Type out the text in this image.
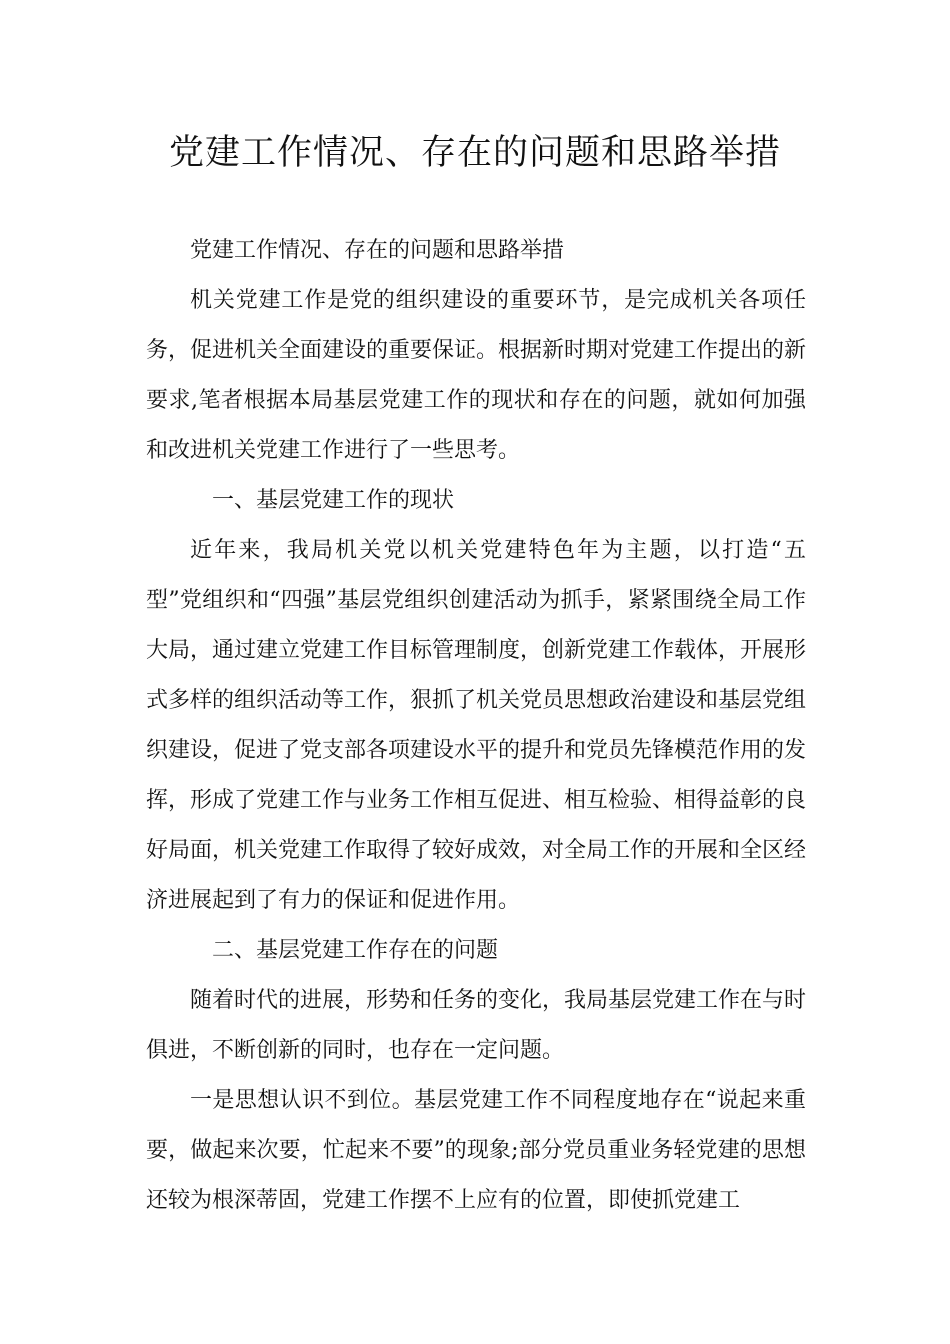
党建工作情况、存在的问题和思路举措

党建工作情况、存在的问题和思路举措

机关党建工作是党的组织建设的重要环节，是完成机关各项任务，促进机关全面建设的重要保证。根据新时期对党建工作提出的新要求,笔者根据本局基层党建工作的现状和存在的问题，就如何加强和改进机关党建工作进行了一些思考。

一、基层党建工作的现状

近年来，我局机关党以机关党建特色年为主题，以打造“五型”党组织和“四强”基层党组织创建活动为抓手，紧紧围绕全局工作大局，通过建立党建工作目标管理制度，创新党建工作载体，开展形式多样的组织活动等工作，狠抓了机关党员思想政治建设和基层党组织建设，促进了党支部各项建设水平的提升和党员先锋模范作用的发挥，形成了党建工作与业务工作相互促进、相互检验、相得益彰的良好局面，机关党建工作取得了较好成效，对全局工作的开展和全区经济进展起到了有力的保证和促进作用。

二、基层党建工作存在的问题

随着时代的进展，形势和任务的变化，我局基层党建工作在与时俱进，不断创新的同时，也存在一定问题。

一是思想认识不到位。基层党建工作不同程度地存在“说起来重要，做起来次要，忙起来不要”的现象;部分党员重业务轻党建的思想还较为根深蒂固，党建工作摆不上应有的位置，即使抓党建工
